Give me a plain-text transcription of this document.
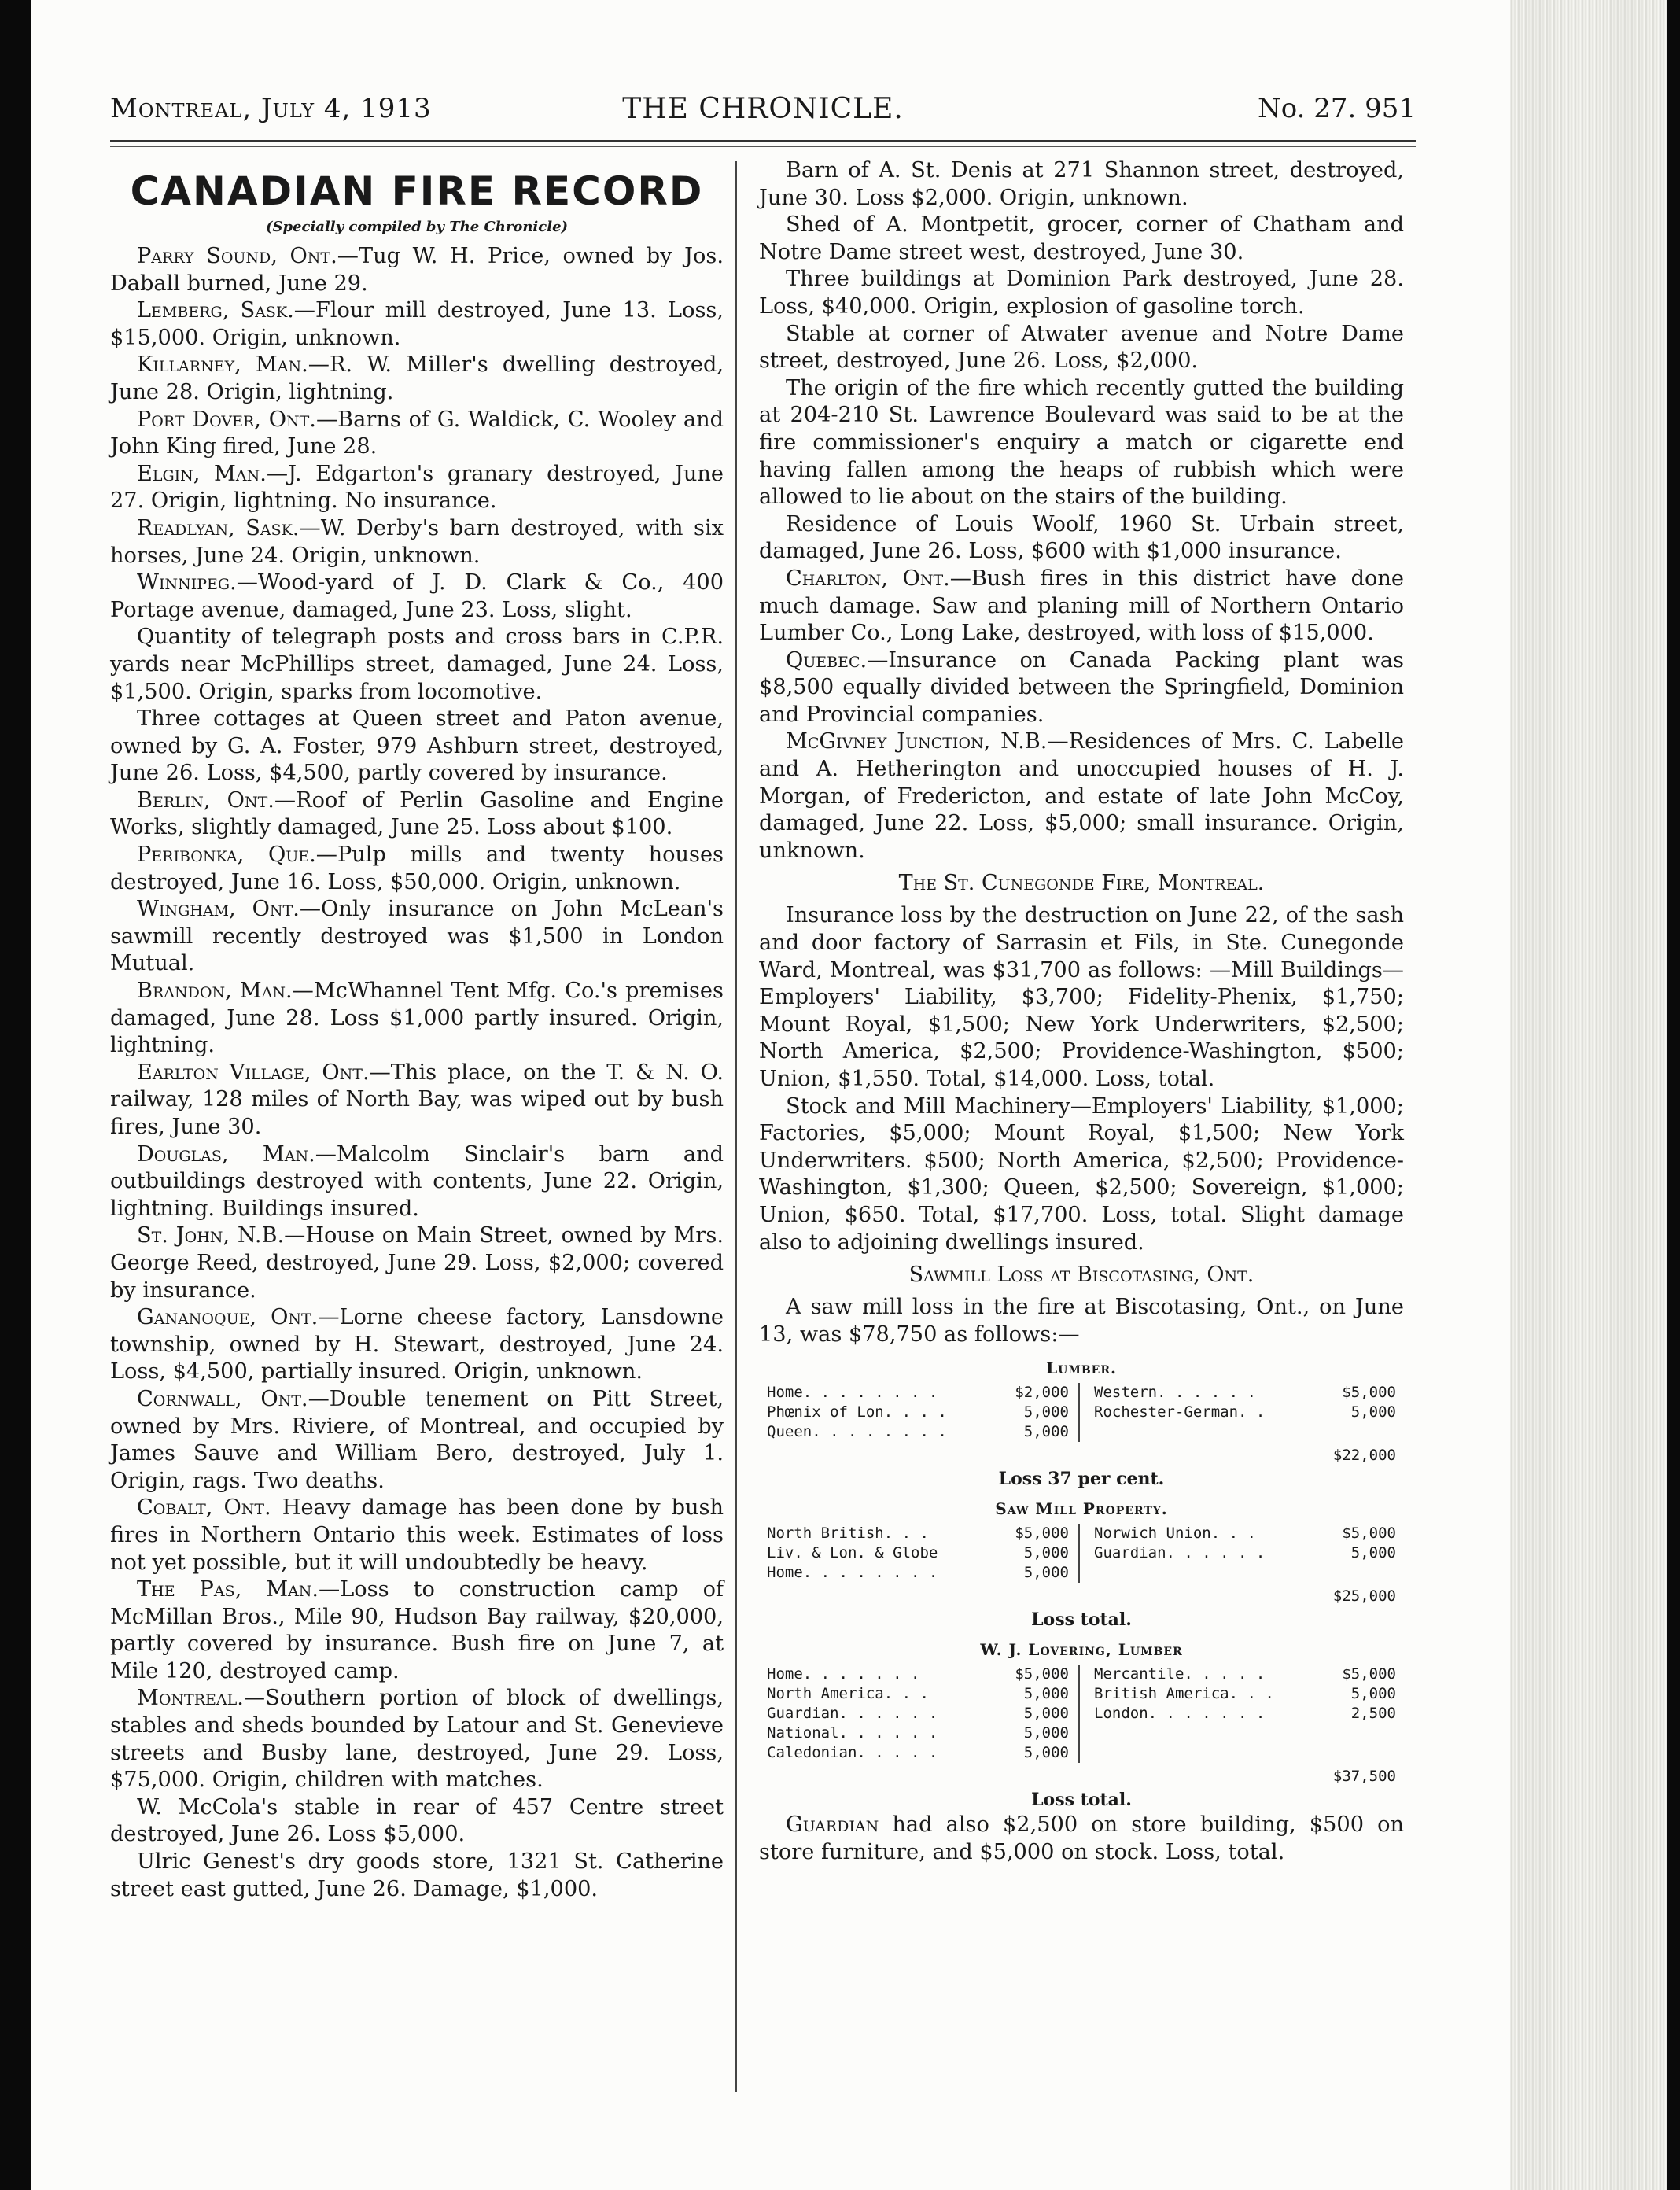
Montreal, July 4, 1913	THE CHRONICLE.	No. 27. 951
CANADIAN FIRE RECORD
(Specially compiled by The Chronicle)

Parry Sound, Ont.—Tug W. H. Price, owned by Jos. Daball burned, June 29.

Lemberg, Sask.—Flour mill destroyed, June 13. Loss, $15,000. Origin, unknown.

Killarney, Man.—R. W. Miller's dwelling destroyed, June 28. Origin, lightning.

Port Dover, Ont.—Barns of G. Waldick, C. Wooley and John King fired, June 28.

Elgin, Man.—J. Edgarton's granary destroyed, June 27. Origin, lightning. No insurance.

Readlyan, Sask.—W. Derby's barn destroyed, with six horses, June 24. Origin, unknown.

Winnipeg.—Wood-yard of J. D. Clark & Co., 400 Portage avenue, damaged, June 23. Loss, slight.

Quantity of telegraph posts and cross bars in C.P.R. yards near McPhillips street, damaged, June 24. Loss, $1,500. Origin, sparks from locomotive.

Three cottages at Queen street and Paton avenue, owned by G. A. Foster, 979 Ashburn street, destroyed, June 26. Loss, $4,500, partly covered by insurance.

Berlin, Ont.—Roof of Perlin Gasoline and Engine Works, slightly damaged, June 25. Loss about $100.

Peribonka, Que.—Pulp mills and twenty houses destroyed, June 16. Loss, $50,000. Origin, unknown.

Wingham, Ont.—Only insurance on John McLean's sawmill recently destroyed was $1,500 in London Mutual.

Brandon, Man.—McWhannel Tent Mfg. Co.'s premises damaged, June 28. Loss $1,000 partly insured. Origin, lightning.

Earlton Village, Ont.—This place, on the T. & N. O. railway, 128 miles of North Bay, was wiped out by bush fires, June 30.

Douglas, Man.—Malcolm Sinclair's barn and outbuildings destroyed with contents, June 22. Origin, lightning. Buildings insured.

St. John, N.B.—House on Main Street, owned by Mrs. George Reed, destroyed, June 29. Loss, $2,000; covered by insurance.

Gananoque, Ont.—Lorne cheese factory, Lansdowne township, owned by H. Stewart, destroyed, June 24. Loss, $4,500, partially insured. Origin, unknown.

Cornwall, Ont.—Double tenement on Pitt Street, owned by Mrs. Riviere, of Montreal, and occupied by James Sauve and William Bero, destroyed, July 1. Origin, rags. Two deaths.

Cobalt, Ont. Heavy damage has been done by bush fires in Northern Ontario this week. Estimates of loss not yet possible, but it will undoubtedly be heavy.

The Pas, Man.—Loss to construction camp of McMillan Bros., Mile 90, Hudson Bay railway, $20,000, partly covered by insurance. Bush fire on June 7, at Mile 120, destroyed camp.

Montreal.—Southern portion of block of dwellings, stables and sheds bounded by Latour and St. Genevieve streets and Busby lane, destroyed, June 29. Loss, $75,000. Origin, children with matches.

W. McCola's stable in rear of 457 Centre street destroyed, June 26. Loss $5,000.

Ulric Genest's dry goods store, 1321 St. Catherine street east gutted, June 26. Damage, $1,000.

Barn of A. St. Denis at 271 Shannon street, destroyed, June 30. Loss $2,000. Origin, unknown.

Shed of A. Montpetit, grocer, corner of Chatham and Notre Dame street west, destroyed, June 30.

Three buildings at Dominion Park destroyed, June 28. Loss, $40,000. Origin, explosion of gasoline torch.

Stable at corner of Atwater avenue and Notre Dame street, destroyed, June 26. Loss, $2,000.

The origin of the fire which recently gutted the building at 204-210 St. Lawrence Boulevard was said to be at the fire commissioner's enquiry a match or cigarette end having fallen among the heaps of rubbish which were allowed to lie about on the stairs of the building.

Residence of Louis Woolf, 1960 St. Urbain street, damaged, June 26. Loss, $600 with $1,000 insurance.

Charlton, Ont.—Bush fires in this district have done much damage. Saw and planing mill of Northern Ontario Lumber Co., Long Lake, destroyed, with loss of $15,000.

Quebec.—Insurance on Canada Packing plant was $8,500 equally divided between the Springfield, Dominion and Provincial companies.

McGivney Junction, N.B.—Residences of Mrs. C. Labelle and A. Hetherington and unoccupied houses of H. J. Morgan, of Fredericton, and estate of late John McCoy, damaged, June 22. Loss, $5,000; small insurance. Origin, unknown.

The St. Cunegonde Fire, Montreal.

Insurance loss by the destruction on June 22, of the sash and door factory of Sarrasin et Fils, in Ste. Cunegonde Ward, Montreal, was $31,700 as follows: —Mill Buildings—Employers' Liability, $3,700; Fidelity-Phenix, $1,750; Mount Royal, $1,500; New York Underwriters, $2,500; North America, $2,500; Providence-Washington, $500; Union, $1,550. Total, $14,000. Loss, total.

Stock and Mill Machinery—Employers' Liability, $1,000; Factories, $5,000; Mount Royal, $1,500; New York Underwriters. $500; North America, $2,500; Providence-Washington, $1,300; Queen, $2,500; Sovereign, $1,000; Union, $650. Total, $17,700. Loss, total. Slight damage also to adjoining dwellings insured.

Sawmill Loss at Biscotasing, Ont.

A saw mill loss in the fire at Biscotasing, Ont., on June 13, was $78,750 as follows:—

Lumber.
Home. . . . . . . .	$2,000
Phœnix of Lon. . . .	5,000
Queen. . . . . . . .	5,000
Western. . . . . .	$5,000
Rochester-German. .	5,000
$22,000
Loss 37 per cent.
Saw Mill Property.
North British. . .	$5,000
Liv. & Lon. & Globe	5,000
Home. . . . . . . .	5,000
Norwich Union. . .	$5,000
Guardian. . . . . .	5,000
$25,000
Loss total.
W. J. Lovering, Lumber
Home. . . . . . .	$5,000
North America. . .	5,000
Guardian. . . . . .	5,000
National. . . . . .	5,000
Caledonian. . . . .	5,000
Mercantile. . . . .	$5,000
British America. . .	5,000
London. . . . . . .	2,500
$37,500
Loss total.

Guardian had also $2,500 on store building, $500 on store furniture, and $5,000 on stock. Loss, total.
